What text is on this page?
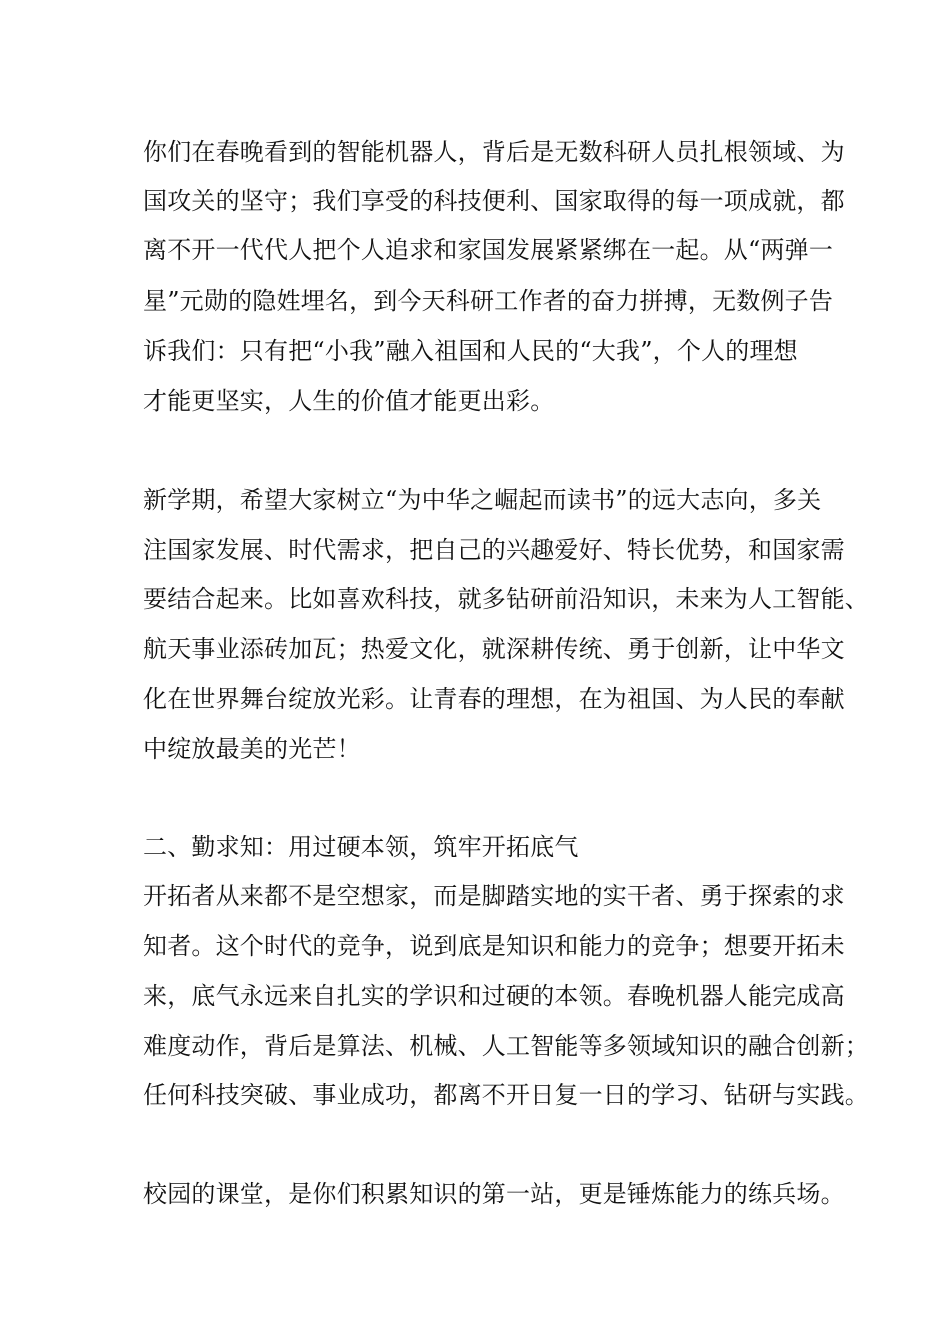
你们在春晚看到的智能机器人，背后是无数科研人员扎根领域、为
国攻关的坚守；我们享受的科技便利、国家取得的每一项成就，都
离不开一代代人把个人追求和家国发展紧紧绑在一起。从“两弹一
星”元勋的隐姓埋名，到今天科研工作者的奋力拼搏，无数例子告
诉我们：只有把“小我”融入祖国和人民的“大我”，个人的理想
才能更坚实，人生的价值才能更出彩。
新学期，希望大家树立“为中华之崛起而读书”的远大志向，多关
注国家发展、时代需求，把自己的兴趣爱好、特长优势，和国家需
要结合起来。比如喜欢科技，就多钻研前沿知识，未来为人工智能、
航天事业添砖加瓦；热爱文化，就深耕传统、勇于创新，让中华文
化在世界舞台绽放光彩。让青春的理想，在为祖国、为人民的奉献
中绽放最美的光芒！
二、勤求知：用过硬本领，筑牢开拓底气
开拓者从来都不是空想家，而是脚踏实地的实干者、勇于探索的求
知者。这个时代的竞争，说到底是知识和能力的竞争；想要开拓未
来，底气永远来自扎实的学识和过硬的本领。春晚机器人能完成高
难度动作，背后是算法、机械、人工智能等多领域知识的融合创新；
任何科技突破、事业成功，都离不开日复一日的学习、钻研与实践。
校园的课堂，是你们积累知识的第一站，更是锤炼能力的练兵场。
